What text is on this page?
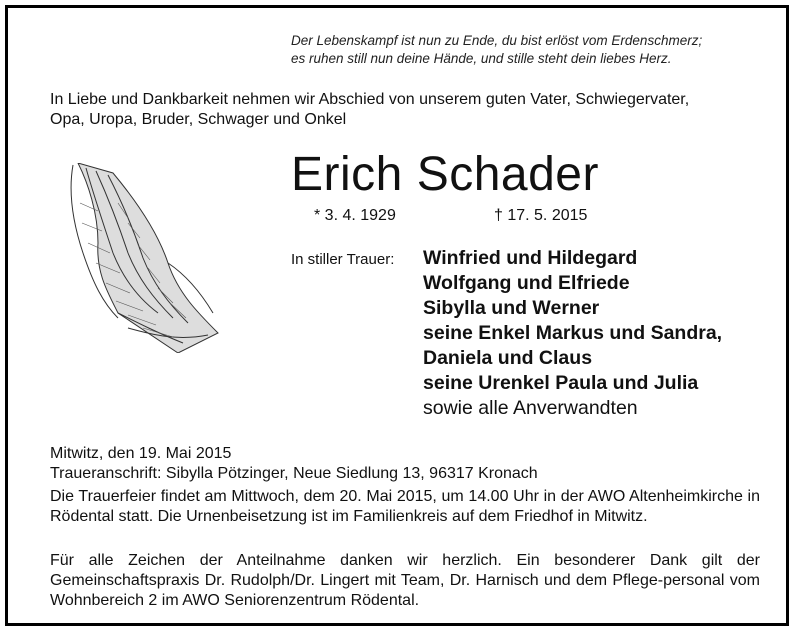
Der Lebenskampf ist nun zu Ende, du bist erlöst vom Erdenschmerz;
es ruhen still nun deine Hände, und stille steht dein liebes Herz.
In Liebe und Dankbarkeit nehmen wir Abschied von unserem guten Vater, Schwiegervater,
Opa, Uropa, Bruder, Schwager und Onkel
Erich Schader
* 3. 4. 1929	† 17. 5. 2015
In stiller Trauer: Winfried und Hildegard
Wolfgang und Elfriede
Sibylla und Werner
seine Enkel Markus und Sandra,
Daniela und Claus
seine Urenkel Paula und Julia
sowie alle Anverwandten
Mitwitz, den 19. Mai 2015
Traueranschrift: Sibylla Pötzinger, Neue Siedlung 13, 96317 Kronach
Die Trauerfeier findet am Mittwoch, dem 20. Mai 2015, um 14.00 Uhr in der AWO Altenheimkirche in Rödental statt. Die Urnenbeisetzung ist im Familienkreis auf dem Friedhof in Mitwitz.
Für alle Zeichen der Anteilnahme danken wir herzlich. Ein besonderer Dank gilt der Gemeinschaftspraxis Dr. Rudolph/Dr. Lingert mit Team, Dr. Harnisch und dem Pflege-personal vom Wohnbereich 2 im AWO Seniorenzentrum Rödental.
